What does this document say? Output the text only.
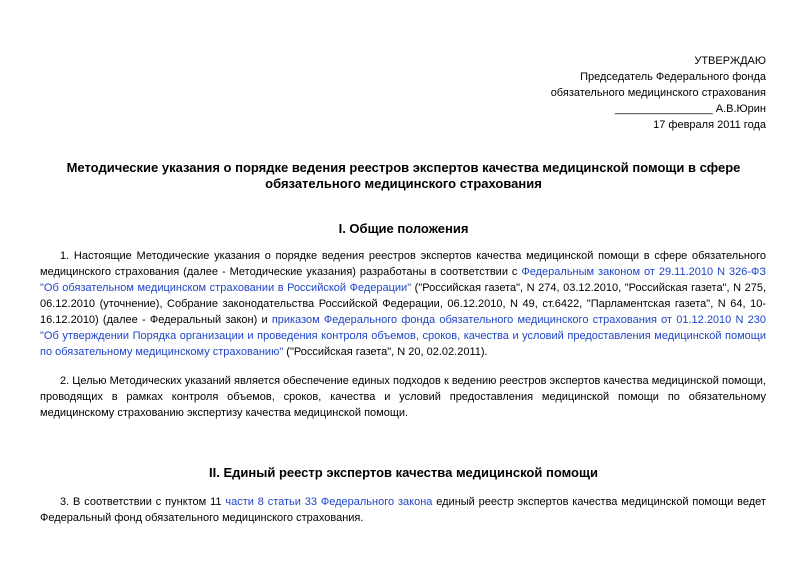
УТВЕРЖДАЮ
Председатель Федерального фонда
обязательного медицинского страхования
________________ А.В.Юрин
17 февраля 2011 года
Методические указания о порядке ведения реестров экспертов качества медицинской помощи в сфере обязательного медицинского страхования
I. Общие положения
1. Настоящие Методические указания о порядке ведения реестров экспертов качества медицинской помощи в сфере обязательного медицинского страхования (далее - Методические указания) разработаны в соответствии с Федеральным законом от 29.11.2010 N 326-ФЗ "Об обязательном медицинском страховании в Российской Федерации" ("Российская газета", N 274, 03.12.2010, "Российская газета", N 275, 06.12.2010 (уточнение), Собрание законодательства Российской Федерации, 06.12.2010, N 49, ст.6422, "Парламентская газета", N 64, 10-16.12.2010) (далее - Федеральный закон) и приказом Федерального фонда обязательного медицинского страхования от 01.12.2010 N 230 "Об утверждении Порядка организации и проведения контроля объемов, сроков, качества и условий предоставления медицинской помощи по обязательному медицинскому страхованию" ("Российская газета", N 20, 02.02.2011).
2. Целью Методических указаний является обеспечение единых подходов к ведению реестров экспертов качества медицинской помощи, проводящих в рамках контроля объемов, сроков, качества и условий предоставления медицинской помощи по обязательному медицинскому страхованию экспертизу качества медицинской помощи.
II. Единый реестр экспертов качества медицинской помощи
3. В соответствии с пунктом 11 части 8 статьи 33 Федерального закона единый реестр экспертов качества медицинской помощи ведет Федеральный фонд обязательного медицинского страхования.
